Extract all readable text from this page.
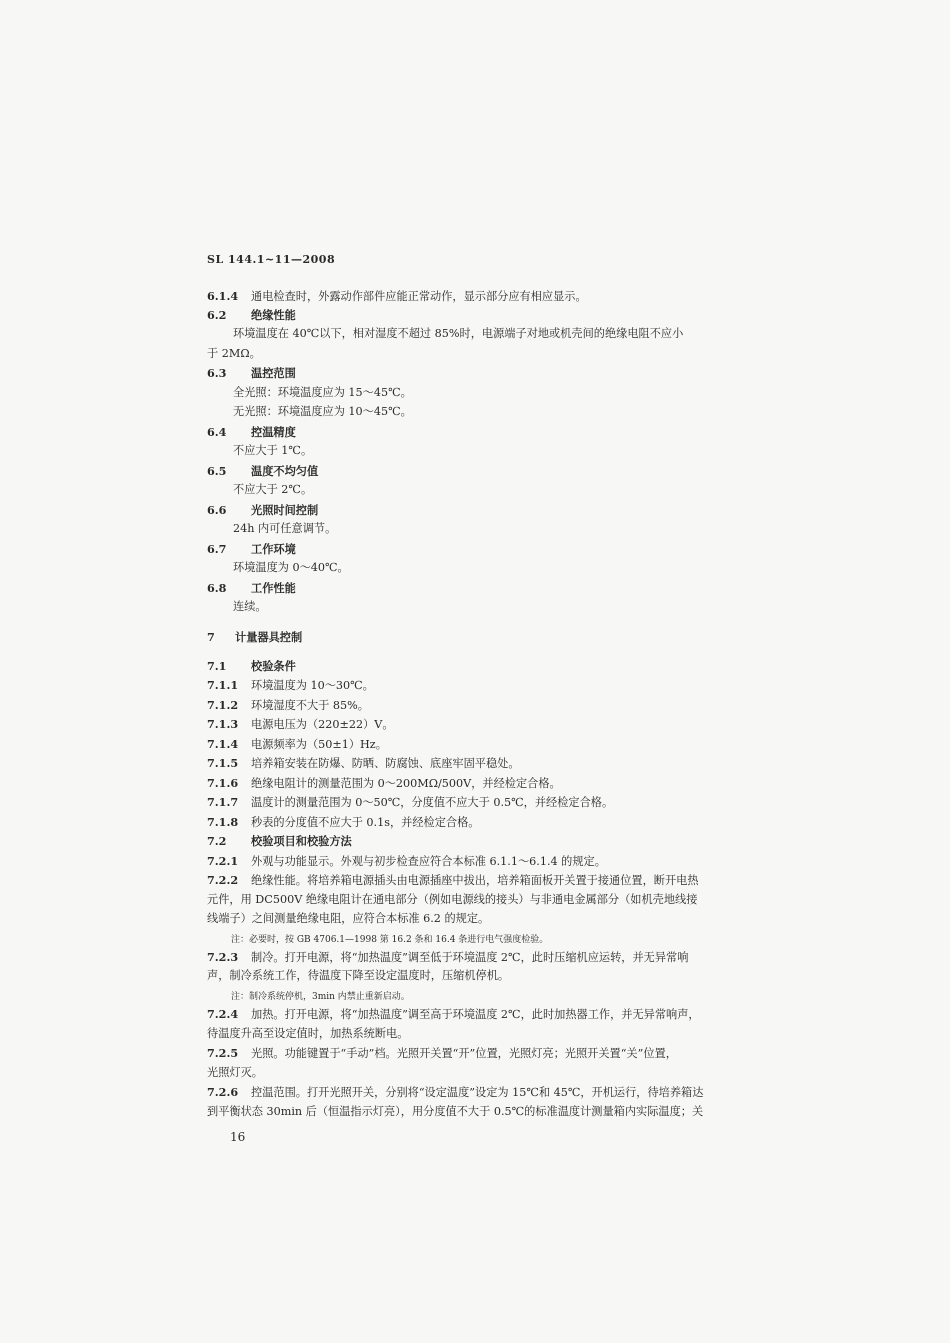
SL 144.1~11—2008
6.1.4 通电检查时，外露动作部件应能正常动作，显示部分应有相应显示。
6.2 绝缘性能
环境温度在 40℃以下，相对湿度不超过 85%时，电源端子对地或机壳间的绝缘电阻不应小
于 2MΩ。
6.3 温控范围
全光照：环境温度应为 15～45℃。
无光照：环境温度应为 10～45℃。
6.4 控温精度
不应大于 1℃。
6.5 温度不均匀值
不应大于 2℃。
6.6 光照时间控制
24h 内可任意调节。
6.7 工作环境
环境温度为 0～40℃。
6.8 工作性能
连续。
7 计量器具控制
7.1 校验条件
7.1.1 环境温度为 10～30℃。
7.1.2 环境湿度不大于 85%。
7.1.3 电源电压为（220±22）V。
7.1.4 电源频率为（50±1）Hz。
7.1.5 培养箱安装在防爆、防晒、防腐蚀、底座牢固平稳处。
7.1.6 绝缘电阻计的测量范围为 0～200MΩ/500V，并经检定合格。
7.1.7 温度计的测量范围为 0～50℃，分度值不应大于 0.5℃，并经检定合格。
7.1.8 秒表的分度值不应大于 0.1s，并经检定合格。
7.2 校验项目和校验方法
7.2.1 外观与功能显示。外观与初步检查应符合本标准 6.1.1～6.1.4 的规定。
7.2.2 绝缘性能。将培养箱电源插头由电源插座中拔出，培养箱面板开关置于接通位置，断开电热
元件，用 DC500V 绝缘电阻计在通电部分（例如电源线的接头）与非通电金属部分（如机壳地线接
线端子）之间测量绝缘电阻，应符合本标准 6.2 的规定。
注：必要时，按 GB 4706.1—1998 第 16.2 条和 16.4 条进行电气强度检验。
7.2.3 制冷。打开电源，将“加热温度”调至低于环境温度 2℃，此时压缩机应运转，并无异常响
声，制冷系统工作，待温度下降至设定温度时，压缩机停机。
注：制冷系统停机，3min 内禁止重新启动。
7.2.4 加热。打开电源，将“加热温度”调至高于环境温度 2℃，此时加热器工作，并无异常响声，
待温度升高至设定值时，加热系统断电。
7.2.5 光照。功能键置于“手动”档。光照开关置“开”位置，光照灯亮；光照开关置“关”位置，
光照灯灭。
7.2.6 控温范围。打开光照开关，分别将“设定温度”设定为 15℃和 45℃，开机运行，待培养箱达
到平衡状态 30min 后（恒温指示灯亮），用分度值不大于 0.5℃的标准温度计测量箱内实际温度；关
16
